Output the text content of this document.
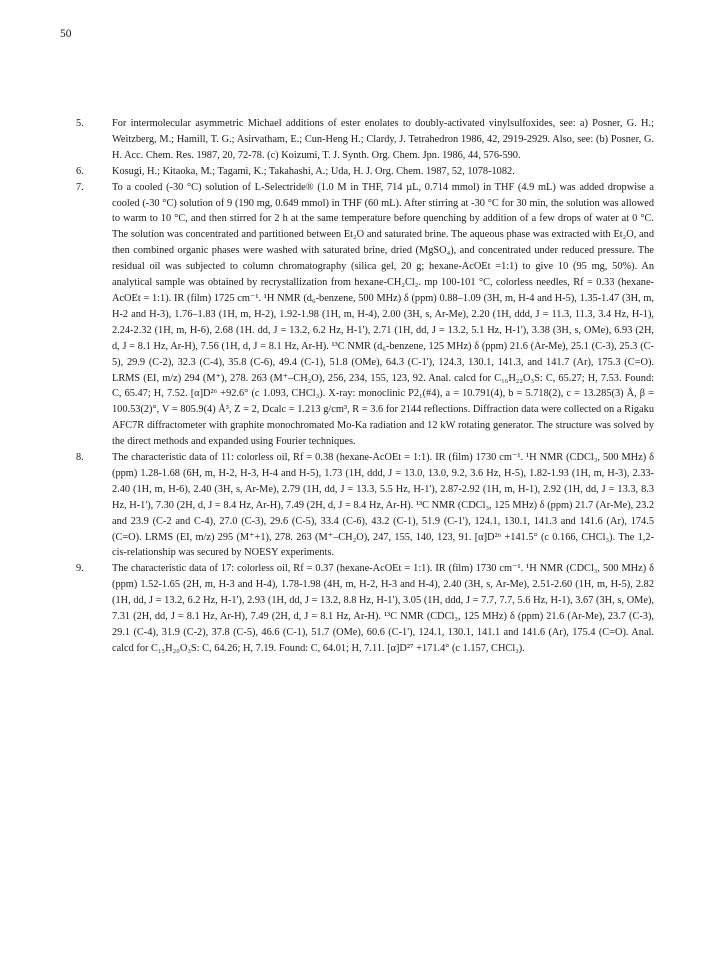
50
5.	For intermolecular asymmetric Michael additions of ester enolates to doubly-activated vinylsulfoxides, see: a) Posner, G. H.; Weitzberg, M.; Hamill, T. G.; Asirvatham, E.; Cun-Heng H.; Clardy, J. Tetrahedron 1986, 42, 2919-2929. Also, see: (b) Posner, G. H. Acc. Chem. Res. 1987, 20, 72-78. (c) Koizumi, T. J. Synth. Org. Chem. Jpn. 1986, 44, 576-590.
6.	Kosugi, H.; Kitaoka, M.; Tagami, K.; Takahashi, A.; Uda, H. J. Org. Chem. 1987, 52, 1078-1082.
7.	To a cooled (-30 °C) solution of L-Selectride® (1.0 M in THF, 714 µL, 0.714 mmol) in THF (4.9 mL) was added dropwise a cooled (-30 °C) solution of 9 (190 mg, 0.649 mmol) in THF (60 mL). After stirring at -30 °C for 30 min, the solution was allowed to warm to 10 °C, and then stirred for 2 h at the same temperature before quenching by addition of a few drops of water at 0 °C. The solution was concentrated and partitioned between Et₂O and saturated brine. The aqueous phase was extracted with Et₂O, and then combined organic phases were washed with saturated brine, dried (MgSO₄), and concentrated under reduced pressure. The residual oil was subjected to column chromatography (silica gel, 20 g; hexane-AcOEt =1:1) to give 10 (95 mg, 50%). An analytical sample was obtained by recrystallization from hexane-CH₂Cl₂. mp 100-101 °C, colorless needles, Rf = 0.33 (hexane-AcOEt = 1:1). IR (film) 1725 cm⁻¹. ¹H NMR (d₆-benzene, 500 MHz) δ (ppm) 0.88–1.09 (3H, m, H-4 and H-5), 1.35-1.47 (3H, m, H-2 and H-3), 1.76–1.83 (1H, m, H-2), 1.92-1.98 (1H, m, H-4), 2.00 (3H, s, Ar-Me), 2.20 (1H, ddd, J = 11.3, 11.3, 3.4 Hz, H-1), 2.24-2.32 (1H, m, H-6), 2.68 (1H. dd, J = 13.2, 6.2 Hz, H-1'), 2.71 (1H, dd, J = 13.2, 5.1 Hz, H-1'), 3.38 (3H, s, OMe), 6.93 (2H, d, J = 8.1 Hz, Ar-H), 7.56 (1H, d, J = 8.1 Hz, Ar-H). ¹³C NMR (d₆-benzene, 125 MHz) δ (ppm) 21.6 (Ar-Me), 25.1 (C-3), 25.3 (C-5), 29.9 (C-2), 32.3 (C-4), 35.8 (C-6), 49.4 (C-1), 51.8 (OMe), 64.3 (C-1'), 124.3, 130.1, 141.3, and 141.7 (Ar), 175.3 (C=O). LRMS (EI, m/z) 294 (M⁺), 278. 263 (M⁺–CH₂O), 256, 234, 155, 123, 92. Anal. calcd for C₁₆H₂₂O₃S: C, 65.27; H, 7.53. Found: C, 65.47; H, 7.52. [α]D²⁶ +92.6° (c 1.093, CHCl₃). X-ray: monoclinic P2₁(#4), a = 10.791(4), b = 5.718(2), c = 13.285(3) Å, β = 100.53(2)°, V = 805.9(4) Å³, Z = 2, Dcalc = 1.213 g/cm³, R = 3.6 for 2144 reflections. Diffraction data were collected on a Rigaku AFC7R diffractometer with graphite monochromated Mo-Ka radiation and 12 kW rotating generator. The structure was solved by the direct methods and expanded using Fourier techniques.
8.	The characteristic data of 11: colorless oil, Rf = 0.38 (hexane-AcOEt = 1:1). IR (film) 1730 cm⁻¹. ¹H NMR (CDCl₃, 500 MHz) δ (ppm) 1.28-1.68 (6H, m, H-2, H-3, H-4 and H-5), 1.73 (1H, ddd, J = 13.0, 13.0, 9.2, 3.6 Hz, H-5), 1.82-1.93 (1H, m, H-3), 2.33-2.40 (1H, m, H-6), 2.40 (3H, s, Ar-Me), 2.79 (1H, dd, J = 13.3, 5.5 Hz, H-1'), 2.87-2.92 (1H, m, H-1), 2.92 (1H, dd, J = 13.3, 8.3 Hz, H-1'), 7.30 (2H, d, J = 8.4 Hz, Ar-H), 7.49 (2H, d, J = 8.4 Hz, Ar-H). ¹³C NMR (CDCl₃, 125 MHz) δ (ppm) 21.7 (Ar-Me), 23.2 and 23.9 (C-2 and C-4), 27.0 (C-3), 29.6 (C-5), 33.4 (C-6), 43.2 (C-1), 51.9 (C-1'), 124.1, 130.1, 141.3 and 141.6 (Ar), 174.5 (C=O). LRMS (EI, m/z) 295 (M⁺+1), 278. 263 (M⁺–CH₂O), 247, 155, 140, 123, 91. [α]D²⁶ +141.5° (c 0.166, CHCl₃). The 1,2-cis-relationship was secured by NOESY experiments.
9.	The characteristic data of 17: colorless oil, Rf = 0.37 (hexane-AcOEt = 1:1). IR (film) 1730 cm⁻¹. ¹H NMR (CDCl₃, 500 MHz) δ (ppm) 1.52-1.65 (2H, m, H-3 and H-4), 1.78-1.98 (4H, m, H-2, H-3 and H-4), 2.40 (3H, s, Ar-Me), 2.51-2.60 (1H, m, H-5), 2.82 (1H, dd, J = 13.2, 6.2 Hz, H-1'), 2.93 (1H, dd, J = 13.2, 8.8 Hz, H-1'), 3.05 (1H, ddd, J = 7.7, 7.7, 5.6 Hz, H-1), 3.67 (3H, s, OMe), 7.31 (2H, dd, J = 8.1 Hz, Ar-H), 7.49 (2H, d, J = 8.1 Hz, Ar-H). ¹³C NMR (CDCl₃, 125 MHz) δ (ppm) 21.6 (Ar-Me), 23.7 (C-3), 29.1 (C-4), 31.9 (C-2), 37.8 (C-5), 46.6 (C-1), 51.7 (OMe), 60.6 (C-1'), 124.1, 130.1, 141.1 and 141.6 (Ar), 175.4 (C=O). Anal. calcd for C₁₅H₂₀O₃S: C, 64.26; H, 7.19. Found: C, 64.01; H, 7.11. [α]D²⁷ +171.4° (c 1.157, CHCl₃).
